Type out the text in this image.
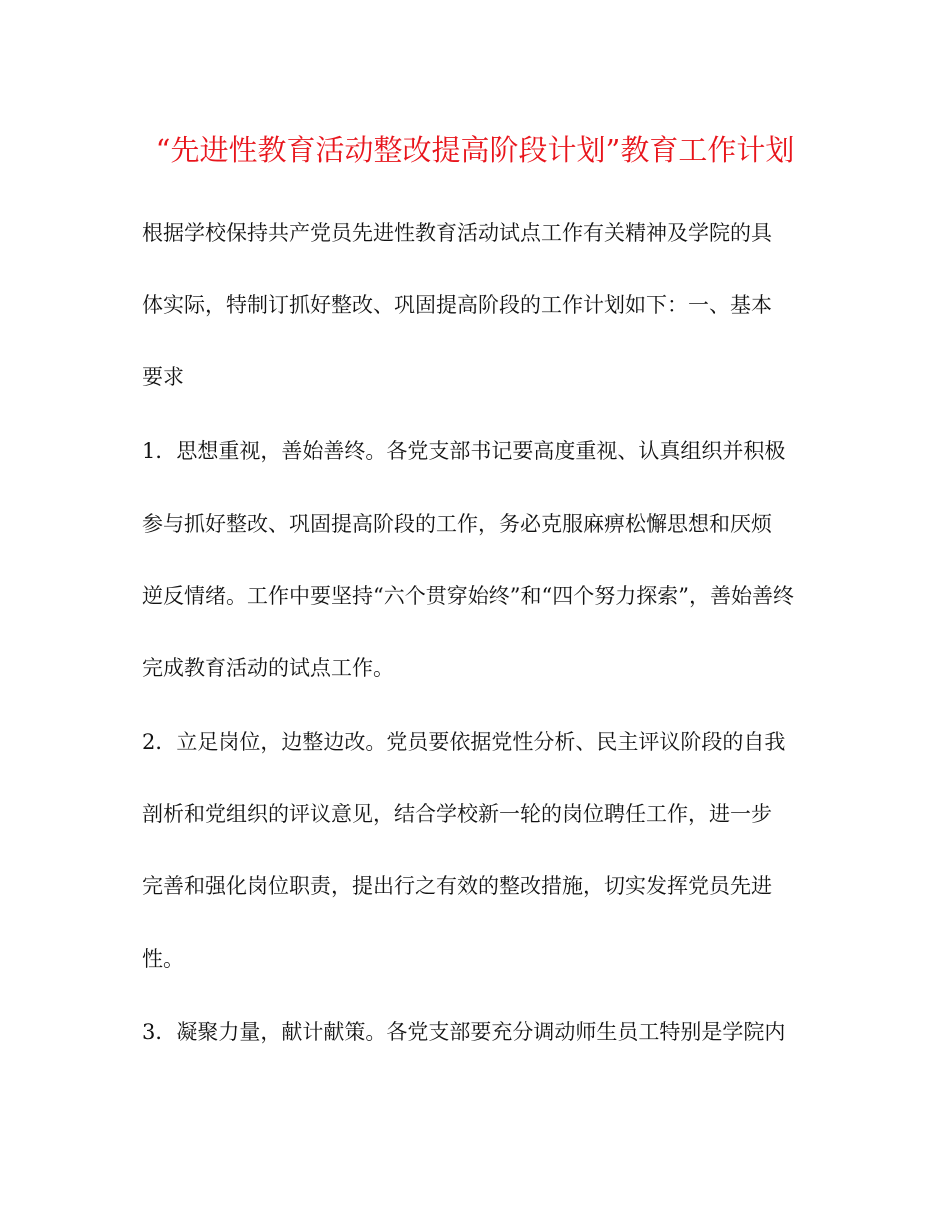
“先进性教育活动整改提高阶段计划”教育工作计划
根据学校保持共产党员先进性教育活动试点工作有关精神及学院的具
体实际，特制订抓好整改、巩固提高阶段的工作计划如下：一、基本
要求
1．思想重视，善始善终。各党支部书记要高度重视、认真组织并积极
参与抓好整改、巩固提高阶段的工作，务必克服麻痹松懈思想和厌烦
逆反情绪。工作中要坚持“六个贯穿始终”和“四个努力探索”，善始善终
完成教育活动的试点工作。
2．立足岗位，边整边改。党员要依据党性分析、民主评议阶段的自我
剖析和党组织的评议意见，结合学校新一轮的岗位聘任工作，进一步
完善和强化岗位职责，提出行之有效的整改措施，切实发挥党员先进
性。
3．凝聚力量，献计献策。各党支部要充分调动师生员工特别是学院内
